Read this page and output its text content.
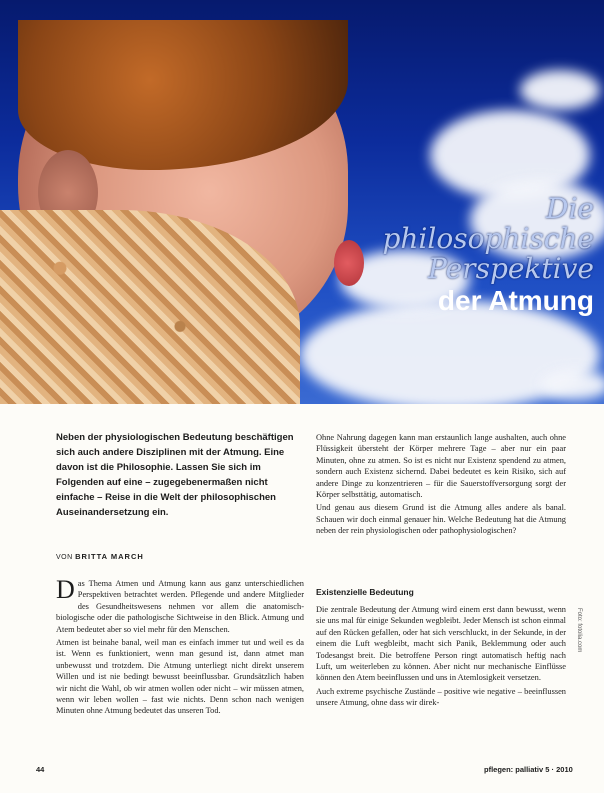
Die
philosophische
Perspektive
der Atmung
Neben der physiologischen Bedeutung beschäftigen sich auch andere Disziplinen mit der Atmung. Eine davon ist die Philosophie. Lassen Sie sich im Folgenden auf eine – zugegebenermaßen nicht einfache – Reise in die Welt der philosophischen Auseinandersetzung ein.
VON BRITTA MARCH

Das Thema Atmen und Atmung kann aus ganz unterschiedlichen Perspektiven betrachtet werden. Pflegende und andere Mitglieder des Gesundheitswesens nehmen vor allem die anatomisch-biologische oder die pathologische Sichtweise in den Blick. Atmung und Atem bedeutet aber so viel mehr für den Menschen.

Atmen ist beinahe banal, weil man es einfach immer tut und weil es da ist. Wenn es funktioniert, wenn man gesund ist, dann atmet man unbewusst und trotzdem. Die Atmung unterliegt nicht direkt unserem Willen und ist nie bedingt bewusst beeinflussbar. Grundsätzlich haben wir nicht die Wahl, ob wir atmen wollen oder nicht – wir müssen atmen, wenn wir leben wollen – fast wie nichts. Denn schon nach wenigen Minuten ohne Atmung bedeutet das unseren Tod.

Ohne Nahrung dagegen kann man erstaunlich lange aushalten, auch ohne Flüssigkeit übersteht der Körper mehrere Tage – aber nur ein paar Minuten, ohne zu atmen. So ist es nicht nur Existenz spendend zu atmen, sondern auch Existenz sichernd. Dabei bedeutet es kein Risiko, sich auf andere Dinge zu konzentrieren – für die Sauerstoffversorgung sorgt der Körper selbsttätig, automatisch.

Und genau aus diesem Grund ist die Atmung alles andere als banal. Schauen wir doch einmal genauer hin. Welche Bedeutung hat die Atmung neben der rein physiologischen oder pathophysiologischen?

Existenzielle Bedeutung

Die zentrale Bedeutung der Atmung wird einem erst dann bewusst, wenn sie uns mal für einige Sekunden wegbleibt. Jeder Mensch ist schon einmal auf den Rücken gefallen, oder hat sich verschluckt, in der Sekunde, in der einem die Luft wegbleibt, macht sich Panik, Beklemmung oder auch Todesangst breit. Die betroffene Person ringt automatisch heftig nach Luft, um weiterleben zu können. Aber nicht nur mechanische Einflüsse können den Atem beeinflussen und uns in Atemlosigkeit versetzen.

Auch extreme psychische Zustände – positive wie negative – beeinflussen unsere Atmung, ohne dass wir direk-

Foto: fotolia.com
44	pflegen: palliativ 5 · 2010
